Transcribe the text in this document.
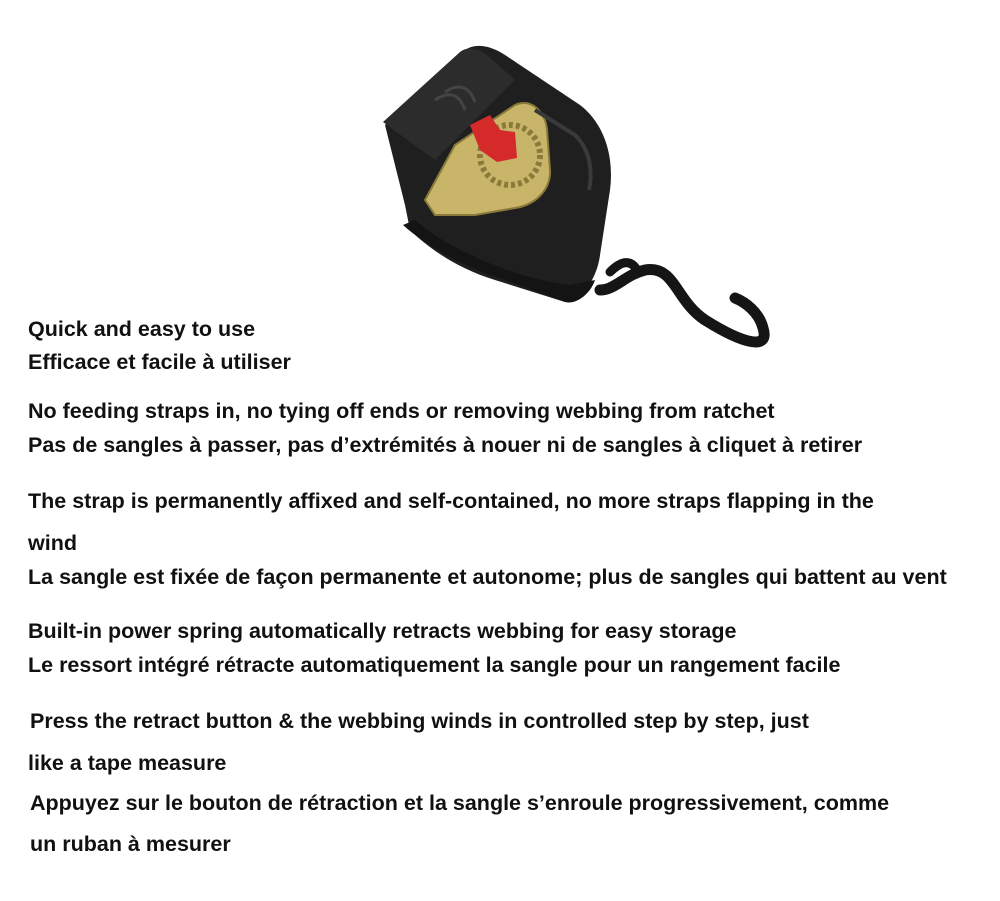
Quick and easy to use

Efficace et facile à utiliser

No feeding straps in, no tying off ends or removing webbing from ratchet

Pas de sangles à passer, pas d’extrémités à nouer ni de sangles à cliquet à retirer

The strap is permanently affixed and self-contained, no more straps flapping in the

wind

La sangle est fixée de façon permanente et autonome; plus de sangles qui battent au vent

Built-in power spring automatically retracts webbing for easy storage

Le ressort intégré rétracte automatiquement la sangle pour un rangement facile

Press the retract button & the webbing winds in controlled step by step, just

like a tape measure

Appuyez sur le bouton de rétraction et la sangle s’enroule progressivement, comme

un ruban à mesurer
